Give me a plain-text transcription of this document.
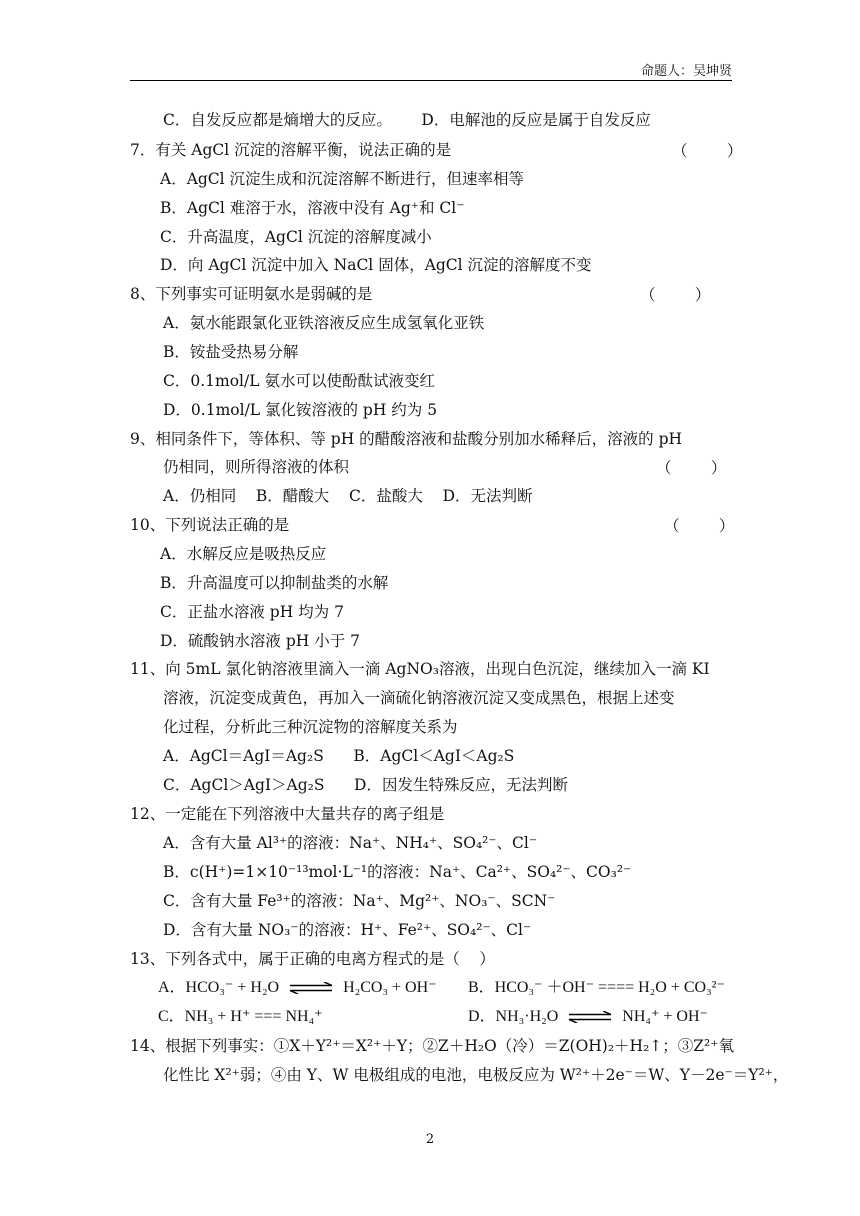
命题人：吴坤贤
C．自发反应都是熵增大的反应。      D．电解池的反应是属于自发反应
7．有关 AgCl 沉淀的溶解平衡，说法正确的是	（        ）
A．AgCl 沉淀生成和沉淀溶解不断进行，但速率相等
B．AgCl 难溶于水，溶液中没有 Ag⁺和 Cl⁻
C．升高温度，AgCl 沉淀的溶解度减小
D．向 AgCl 沉淀中加入 NaCl 固体，AgCl 沉淀的溶解度不变
8、下列事实可证明氨水是弱碱的是	（        ）
A．氨水能跟氯化亚铁溶液反应生成氢氧化亚铁
B．铵盐受热易分解
C．0.1mol/L 氨水可以使酚酞试液变红
D．0.1mol/L 氯化铵溶液的 pH 约为 5
9、相同条件下，等体积、等 pH 的醋酸溶液和盐酸分别加水稀释后，溶液的 pH
仍相同，则所得溶液的体积	（        ）
A．仍相同    B．醋酸大    C．盐酸大    D．无法判断
10、下列说法正确的是	（        ）
A．水解反应是吸热反应
B．升高温度可以抑制盐类的水解
C．正盐水溶液 pH 均为 7
D．硫酸钠水溶液 pH 小于 7
11、向 5mL 氯化钠溶液里滴入一滴 AgNO₃溶液，出现白色沉淀，继续加入一滴 KI
溶液，沉淀变成黄色，再加入一滴硫化钠溶液沉淀又变成黑色，根据上述变
化过程，分析此三种沉淀物的溶解度关系为
A．AgCl＝AgI＝Ag₂S      B．AgCl＜AgI＜Ag₂S
C．AgCl＞AgI＞Ag₂S      D．因发生特殊反应，无法判断
12、一定能在下列溶液中大量共存的离子组是
A．含有大量 Al³⁺的溶液：Na⁺、NH₄⁺、SO₄²⁻、Cl⁻
B．c(H⁺)=1×10⁻¹³mol·L⁻¹的溶液：Na⁺、Ca²⁺、SO₄²⁻、CO₃²⁻
C．含有大量 Fe³⁺的溶液：Na⁺、Mg²⁺、NO₃⁻、SCN⁻
D．含有大量 NO₃⁻的溶液：H⁺、Fe²⁺、SO₄²⁻、Cl⁻
13、下列各式中，属于正确的电离方程式的是（    ）
A．HCO₃⁻ + H₂O ⇌ H₂CO₃ + OH⁻ B．HCO₃⁻ ＋OH⁻ ==== H₂O + CO₃²⁻
C．NH₃ + H⁺ === NH₄⁺	D．NH₃·H₂O ⇌ NH₄⁺ + OH⁻
14、根据下列事实：①X＋Y²⁺＝X²⁺＋Y；②Z＋H₂O（冷）＝Z(OH)₂＋H₂↑；③Z²⁺氧
化性比 X²⁺弱；④由 Y、W 电极组成的电池，电极反应为 W²⁺＋2e⁻＝W、Y－2e⁻＝Y²⁺，
2
